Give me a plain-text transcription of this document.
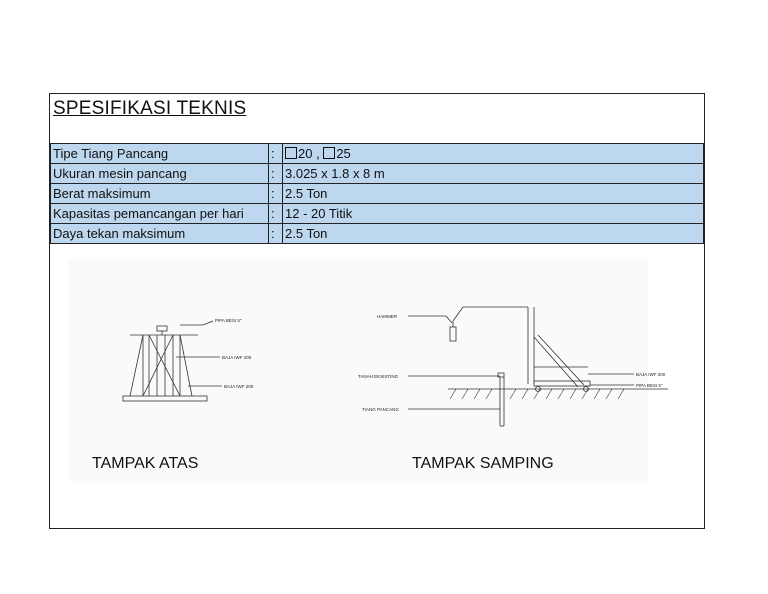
SPESIFIKASI TEKNIS
Tipe Tiang Pancang	:	20 , 25
Ukuran mesin pancang	:	3.025 x 1.8 x 8 m
Berat maksimum	:	2.5 Ton
Kapasitas pemancangan per hari	:	12 - 20 Titik
Daya tekan maksimum	:	2.5 Ton
PIPA BESI 5"
BAJA IWF 200
BAJA IWF 200
HAMMER
TANAH EKSISTING
TIANG PANCANG
BAJA IWF 200
PIPA BESI 5"
TAMPAK ATAS	TAMPAK SAMPING
